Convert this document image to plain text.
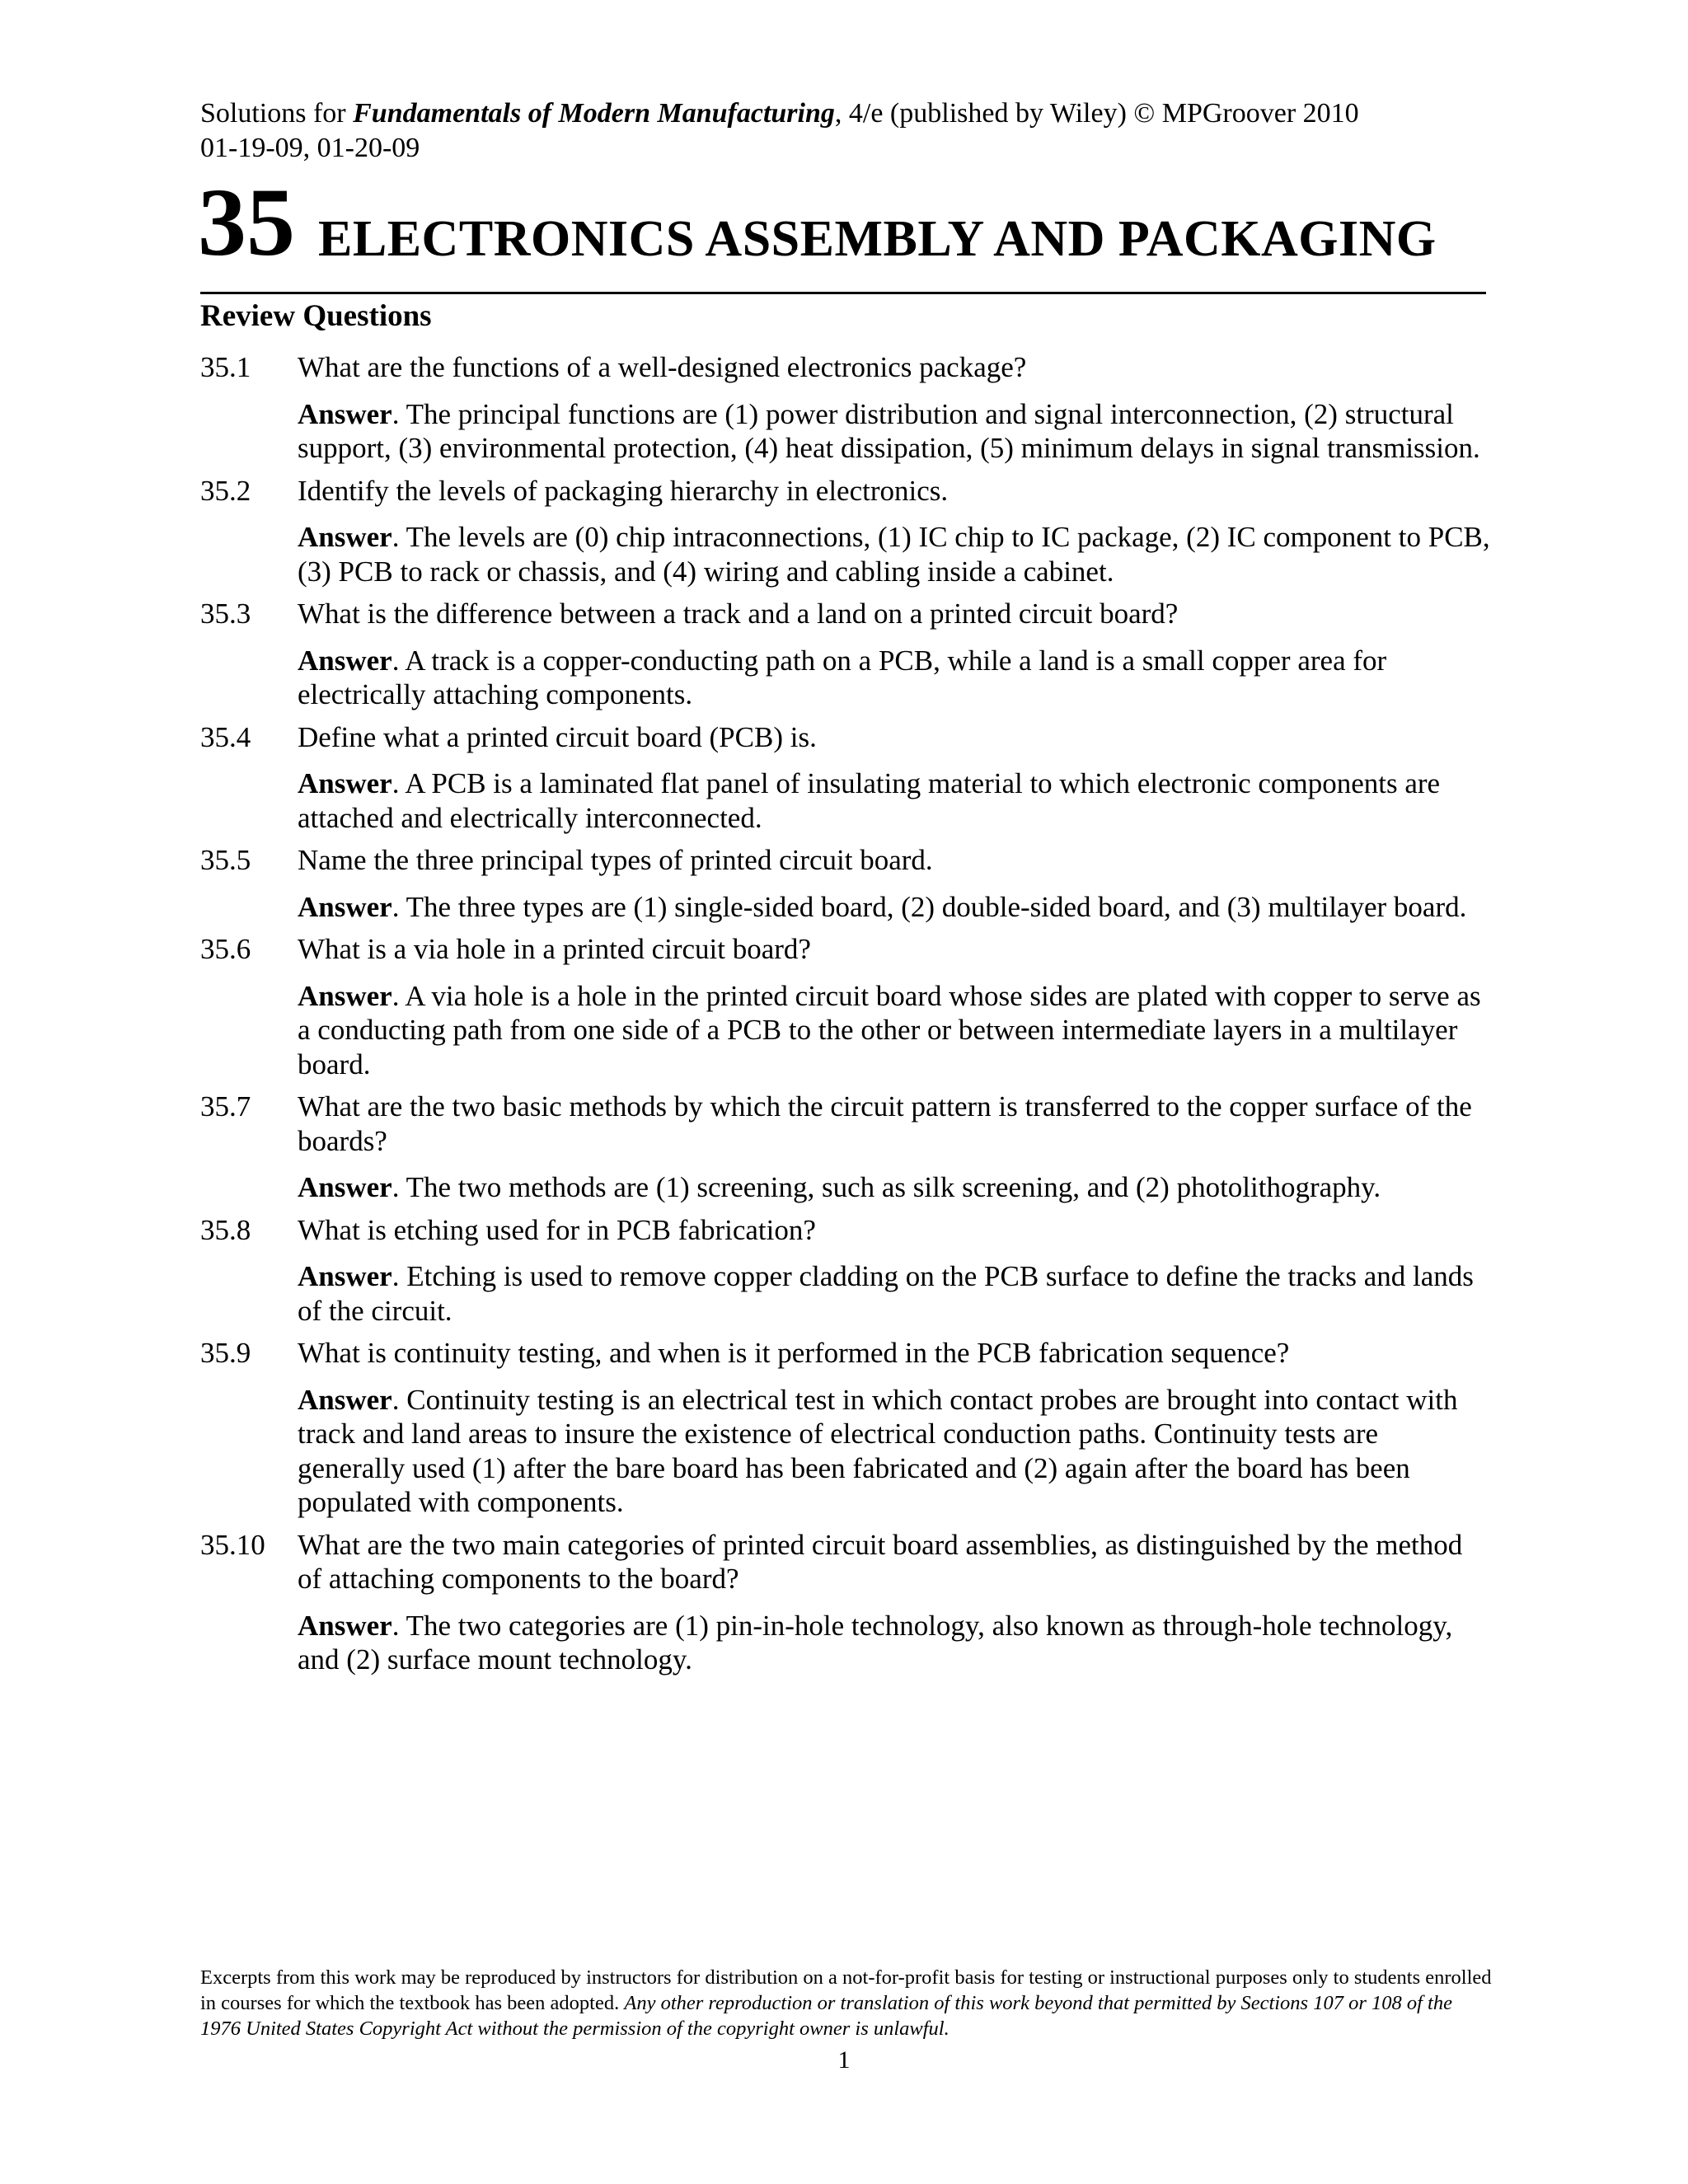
Solutions for Fundamentals of Modern Manufacturing, 4/e (published by Wiley) © MPGroover 2010
01-19-09, 01-20-09
35 ELECTRONICS ASSEMBLY AND PACKAGING
Review Questions
35.1 What are the functions of a well-designed electronics package?
Answer. The principal functions are (1) power distribution and signal interconnection, (2) structural support, (3) environmental protection, (4) heat dissipation, (5) minimum delays in signal transmission.
35.2 Identify the levels of packaging hierarchy in electronics.
Answer. The levels are (0) chip intraconnections, (1) IC chip to IC package, (2) IC component to PCB, (3) PCB to rack or chassis, and (4) wiring and cabling inside a cabinet.
35.3 What is the difference between a track and a land on a printed circuit board?
Answer. A track is a copper-conducting path on a PCB, while a land is a small copper area for electrically attaching components.
35.4 Define what a printed circuit board (PCB) is.
Answer. A PCB is a laminated flat panel of insulating material to which electronic components are attached and electrically interconnected.
35.5 Name the three principal types of printed circuit board.
Answer. The three types are (1) single-sided board, (2) double-sided board, and (3) multilayer board.
35.6 What is a via hole in a printed circuit board?
Answer. A via hole is a hole in the printed circuit board whose sides are plated with copper to serve as a conducting path from one side of a PCB to the other or between intermediate layers in a multilayer board.
35.7 What are the two basic methods by which the circuit pattern is transferred to the copper surface of the boards?
Answer. The two methods are (1) screening, such as silk screening, and (2) photolithography.
35.8 What is etching used for in PCB fabrication?
Answer. Etching is used to remove copper cladding on the PCB surface to define the tracks and lands of the circuit.
35.9 What is continuity testing, and when is it performed in the PCB fabrication sequence?
Answer. Continuity testing is an electrical test in which contact probes are brought into contact with track and land areas to insure the existence of electrical conduction paths. Continuity tests are generally used (1) after the bare board has been fabricated and (2) again after the board has been populated with components.
35.10 What are the two main categories of printed circuit board assemblies, as distinguished by the method of attaching components to the board?
Answer. The two categories are (1) pin-in-hole technology, also known as through-hole technology, and (2) surface mount technology.
Excerpts from this work may be reproduced by instructors for distribution on a not-for-profit basis for testing or instructional purposes only to students enrolled in courses for which the textbook has been adopted. Any other reproduction or translation of this work beyond that permitted by Sections 107 or 108 of the 1976 United States Copyright Act without the permission of the copyright owner is unlawful.
1
